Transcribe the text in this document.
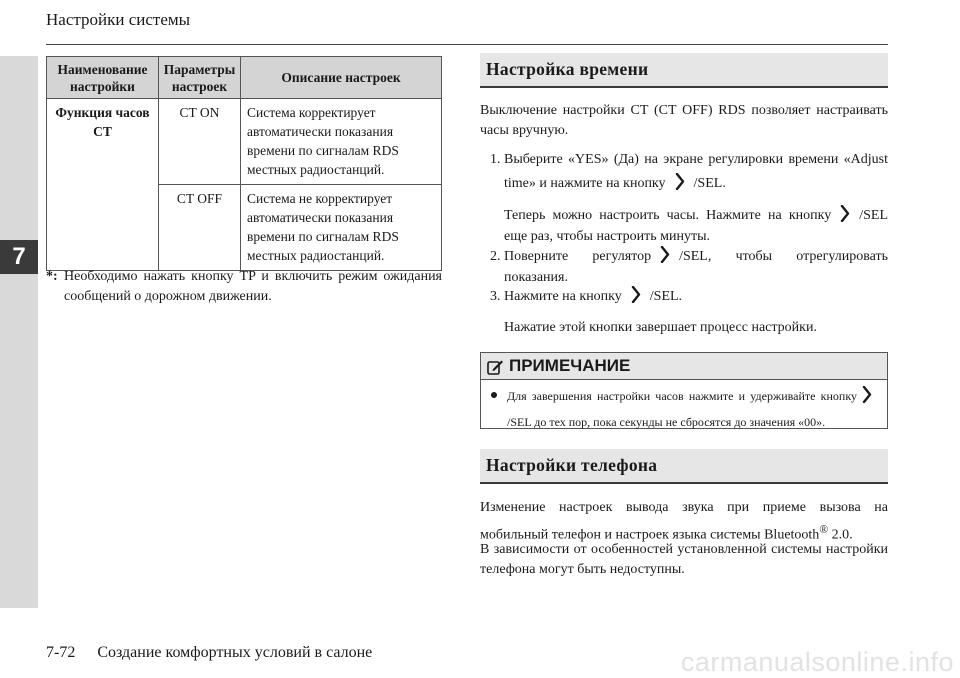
7
Настройки системы
Наименование настройки	Параметры настроек	Описание настроек
Функция часов CT	CT ON	Система корректирует автоматически показания времени по сигналам RDS местных радиостанций.
	CT OFF	Система не корректирует автоматически показания времени по сигналам RDS местных радиостанций.
*: Необходимо нажать кнопку TP и включить режим ожидания сообщений о дорожном движении.
Настройка времени
Выключение настройки CT (CT OFF) RDS позволяет настраивать часы вручную.
1. Выберите «YES» (Да) на экране регулировки времени «Adjust time» и нажмите на кнопку /SEL.
Теперь можно настроить часы. Нажмите на кнопку /SEL еще раз, чтобы настроить минуты.
2. Поверните регулятор /SEL, чтобы отрегулировать показания.
3. Нажмите на кнопку /SEL.
Нажатие этой кнопки завершает процесс настройки.
ПРИМЕЧАНИЕ
Для завершения настройки часов нажмите и удерживайте кнопку/SEL до тех пор, пока секунды не сбросятся до значения «00».
Настройки телефона
Изменение настроек вывода звука при приеме вызова на мобильный телефон и настроек языка системы Bluetooth® 2.0.
В зависимости от особенностей установленной системы настройки телефона могут быть недоступны.
7-72 Создание комфортных условий в салоне	carmanualsonline.info
